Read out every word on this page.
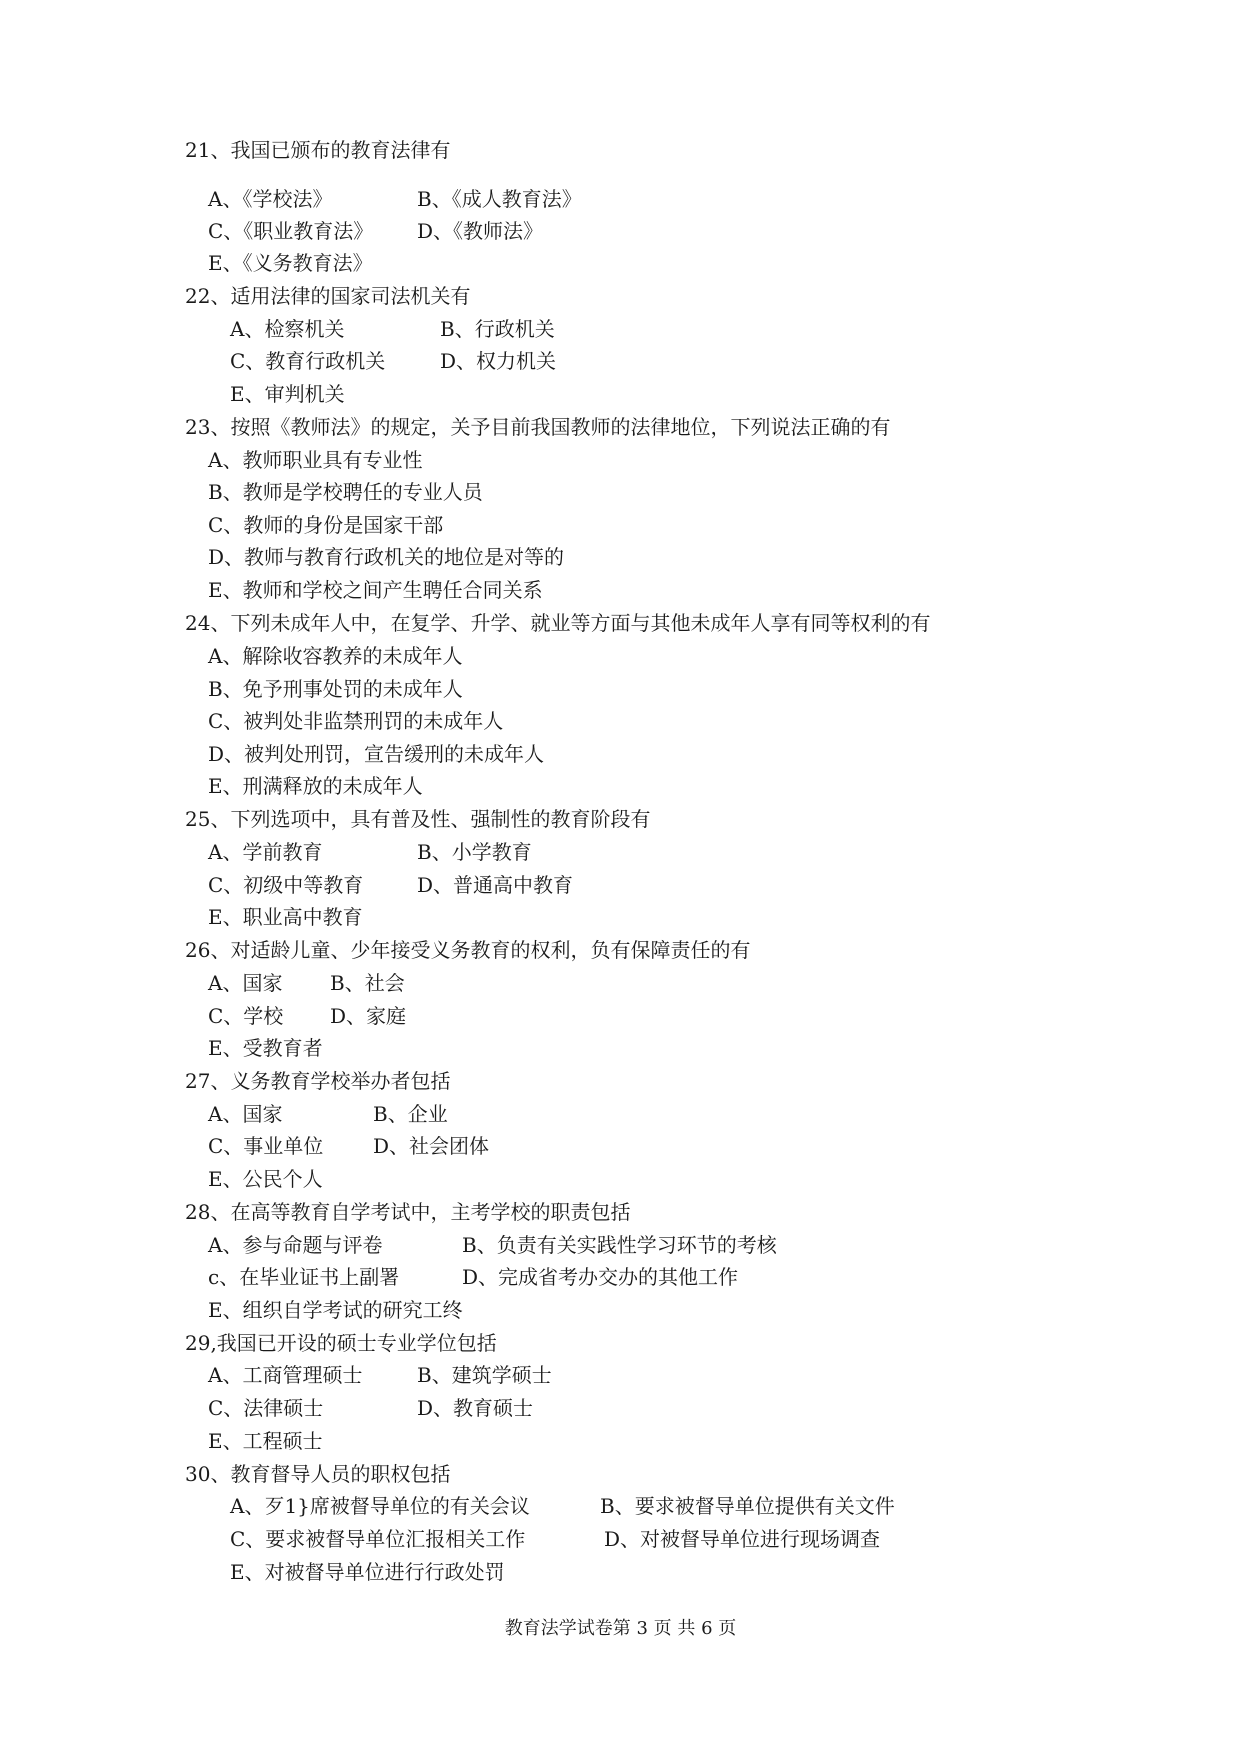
21、我国已颁布的教育法律有
A、《学校法》	B、《成人教育法》
C、《职业教育法》 D、《教师法》
E、《义务教育法》
22、适用法律的国家司法机关有
A、检察机关	B、行政机关
C、教育行政机关	D、权力机关
E、审判机关
23、按照《教师法》的规定，关予目前我国教师的法律地位，下列说法正确的有
A、教师职业具有专业性
B、教师是学校聘任的专业人员
C、教师的身份是国家干部
D、教师与教育行政机关的地位是对等的
E、教师和学校之间产生聘任合同关系
24、下列未成年人中，在复学、升学、就业等方面与其他未成年人享有同等权利的有
A、解除收容教养的未成年人
B、免予刑事处罚的未成年人
C、被判处非监禁刑罚的未成年人
D、被判处刑罚，宣告缓刑的未成年人
E、刑满释放的未成年人
25、下列选项中，具有普及性、强制性的教育阶段有
A、学前教育	B、小学教育
C、初级中等教育	D、普通高中教育
E、职业高中教育
26、对适龄儿童、少年接受义务教育的权利，负有保障责任的有
A、国家 B、社会
C、学校 D、家庭
E、受教育者
27、义务教育学校举办者包括
A、国家	B、企业
C、事业单位 D、社会团体
E、公民个人
28、在高等教育自学考试中，主考学校的职责包括
A、参与命题与评卷	B、负责有关实践性学习环节的考核
c、在毕业证书上副署	D、完成省考办交办的其他工作
E、组织自学考试的研究工终
29,我国已开设的硕士专业学位包括
A、工商管理硕士	B、建筑学硕士
C、法律硕士	D、教育硕士
E、工程硕士
30、教育督导人员的职权包括
A、歹1}席被督导单位的有关会议	B、要求被督导单位提供有关文件
C、要求被督导单位汇报相关工作	D、对被督导单位进行现场调查
E、对被督导单位进行行政处罚
教育法学试卷第 3 页 共 6 页
